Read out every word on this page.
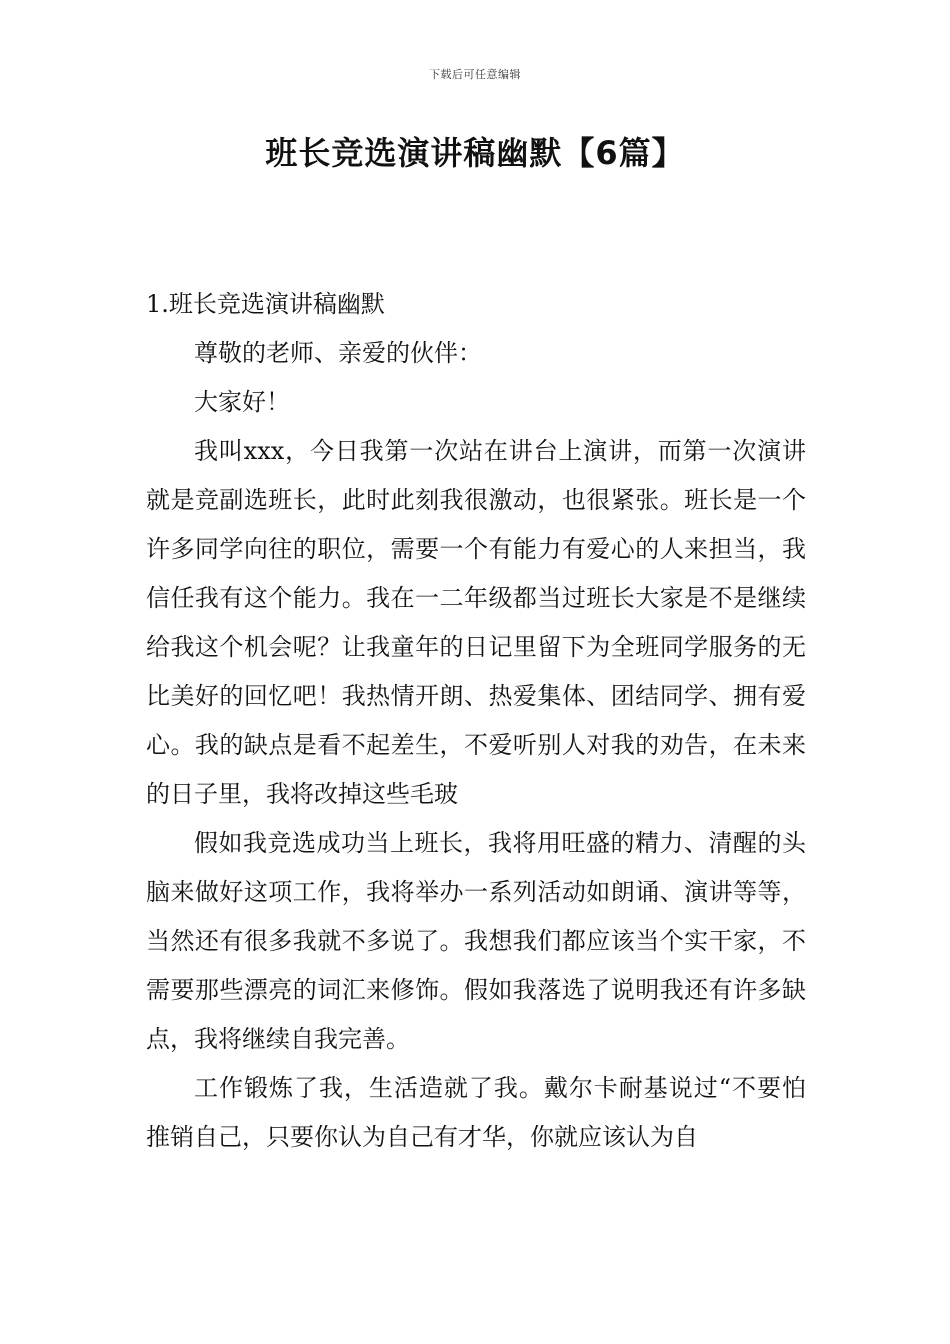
下载后可任意编辑
班长竞选演讲稿幽默【6篇】

1.班长竞选演讲稿幽默

尊敬的老师、亲爱的伙伴：

大家好！

我叫xxx，今日我第一次站在讲台上演讲，而第一次演讲就是竞副选班长，此时此刻我很激动，也很紧张。班长是一个许多同学向往的职位，需要一个有能力有爱心的人来担当，我信任我有这个能力。我在一二年级都当过班长大家是不是继续给我这个机会呢？让我童年的日记里留下为全班同学服务的无比美好的回忆吧！我热情开朗、热爱集体、团结同学、拥有爱心。我的缺点是看不起差生，不爱听别人对我的劝告，在未来的日子里，我将改掉这些毛玻

假如我竞选成功当上班长，我将用旺盛的精力、清醒的头脑来做好这项工作，我将举办一系列活动如朗诵、演讲等等，当然还有很多我就不多说了。我想我们都应该当个实干家，不需要那些漂亮的词汇来修饰。假如我落选了说明我还有许多缺点，我将继续自我完善。

工作锻炼了我，生活造就了我。戴尔卡耐基说过“不要怕推销自己，只要你认为自己有才华，你就应该认为自
